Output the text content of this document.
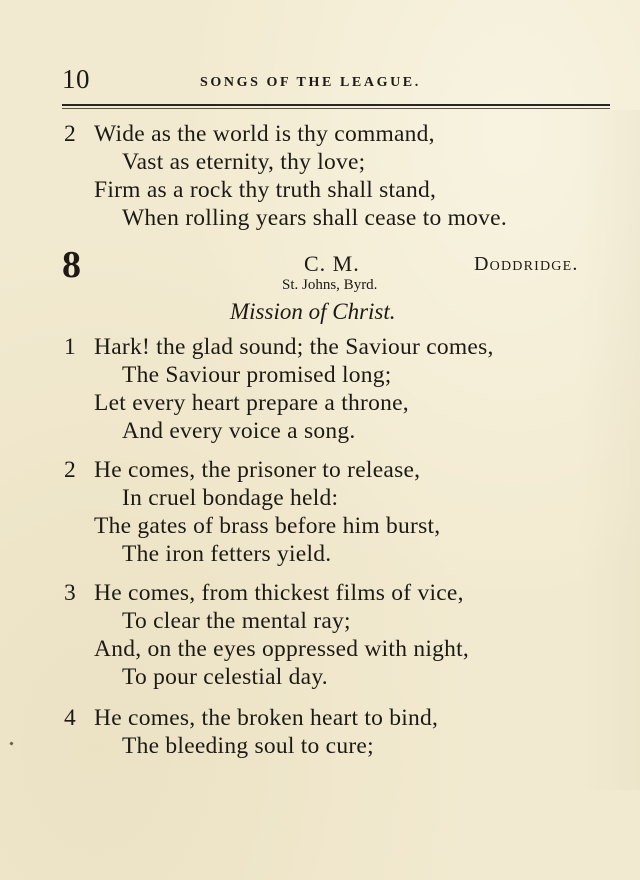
10	SONGS OF THE LEAGUE.
2 Wide as the world is thy command,
Vast as eternity, thy love;
Firm as a rock thy truth shall stand,
When rolling years shall cease to move.
8	C. M.	Doddridge.
St. Johns, Byrd.
Mission of Christ.
1 Hark! the glad sound; the Saviour comes,
The Saviour promised long;
Let every heart prepare a throne,
And every voice a song.
2 He comes, the prisoner to release,
In cruel bondage held:
The gates of brass before him burst,
The iron fetters yield.
3 He comes, from thickest films of vice,
To clear the mental ray;
And, on the eyes oppressed with night,
To pour celestial day.
4 He comes, the broken heart to bind,
The bleeding soul to cure;
